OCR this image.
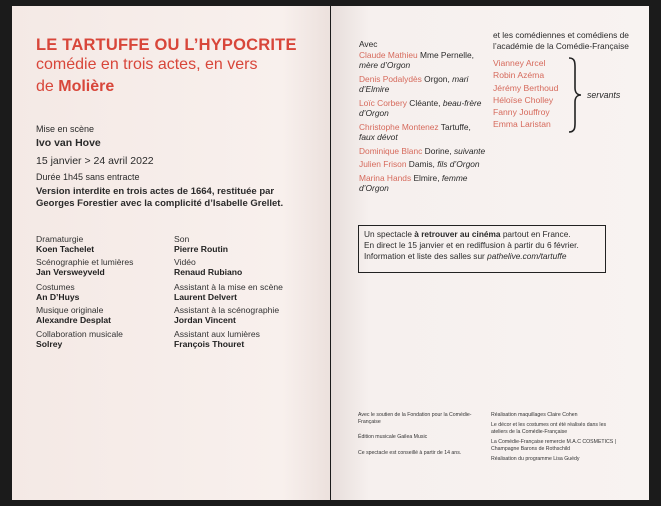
LE TARTUFFE OU L’HYPOCRITE
comédie en trois actes, en vers
de Molière
Mise en scène
Ivo van Hove
15 janvier > 24 avril 2022
Durée 1h45 sans entracte
Version interdite en trois actes de 1664, restituée par Georges Forestier avec la complicité d’Isabelle Grellet.
Dramaturgie
Koen Tachelet
Scénographie et lumières
Jan Versweyveld
Costumes
An D’Huys
Musique originale
Alexandre Desplat
Collaboration musicale
Solrey
Son
Pierre Routin
Vidéo
Renaud Rubiano
Assistant à la mise en scène
Laurent Delvert
Assistant à la scénographie
Jordan Vincent
Assistant aux lumières
François Thouret
Avec
Claude Mathieu Mme Pernelle, mère d’Orgon
Denis Podalydès Orgon, mari d’Elmire
Loïc Corbery Cléante, beau-frère d’Orgon
Christophe Montenez Tartuffe, faux dévot
Dominique Blanc Dorine, suivante
Julien Frison Damis, fils d’Orgon
Marina Hands Elmire, femme d’Orgon
et les comédiennes et comédiens de l’académie de la Comédie-Française
Vianney Arcel
Robin Azéma
Jérémy Berthoud
Héloïse Cholley
Fanny Jouffroy
Emma Laristan
servants
Un spectacle à retrouver au cinéma partout en France.
En direct le 15 janvier et en rediffusion à partir du 6 février.
Information et liste des salles sur pathelive.com/tartuffe
Avec le soutien de la Fondation pour la Comédie-Française
Édition musicale Gailea Music
Ce spectacle est conseillé à partir de 14 ans.
Réalisation maquillages Claire Cohen
Le décor et les costumes ont été réalisés dans les ateliers de la Comédie-Française
La Comédie-Française remercie M.A.C COSMETICS | Champagne Barons de Rothschild
Réalisation du programme Lisa Guédy
